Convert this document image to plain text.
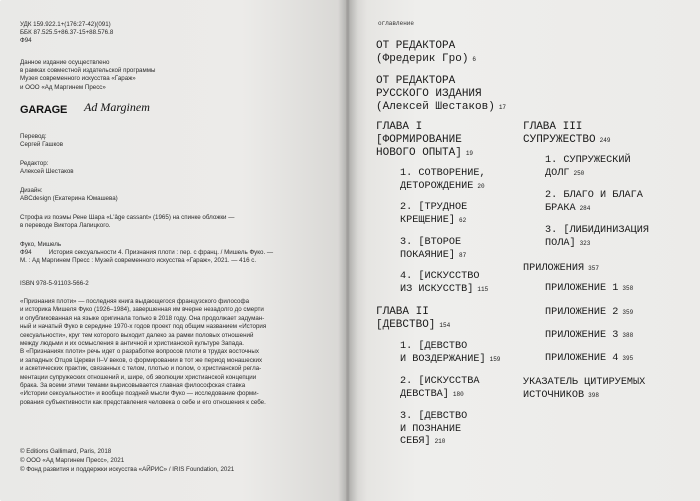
УДК 159.922.1+(176:27-42)(091)
ББК 87.525.5+86.37-15+88.576.8
Ф94
Данное издание осуществлено
в рамках совместной издательской программы
Музея современного искусства «Гараж»
и ООО «Ад Маргинем Пресс»
GARAGE Ad Marginem
Перевод:
Сергей Гашков
Редактор:
Алексей Шестаков
Дизайн:
ABCdesign (Екатерина Юмашева)
Строфа из поэмы Рене Шара «L'âge cassant» (1965) на спинке обложки —
в переводе Виктора Лапицкого.
Фуко, Мишель
Ф94          История сексуальности 4. Признания плоти : пер. с франц. / Мишель Фуко. —
М. : Ад Маргинем Пресс : Музей современного искусства «Гараж», 2021. — 416 с.
ISBN 978-5-91103-566-2
«Признания плоти» — последняя книга выдающегося французского философа
и историка Мишеля Фуко (1926–1984), завершенная им вчерне незадолго до смерти
и опубликованная на языке оригинала только в 2018 году. Она продолжает задуман-
ный и начатый Фуко в середине 1970-х годов проект под общим названием «История
сексуальности», круг тем которого выходит далеко за рамки половых отношений
между людьми и их осмысления в античной и христианской культуре Запада.
В «Признаниях плоти» речь идет о разработке вопросов плоти в трудах восточных
и западных Отцов Церкви II–V веков, о формировании в тот же период монашеских
и аскетических практик, связанных с телом, плотью и полом, о христианской регла-
ментации супружеских отношений и, шире, об эволюции христианской концепции
брака. За всеми этими темами вырисовывается главная философская ставка
«Истории сексуальности» и вообще поздней мысли Фуко — исследование форми-
рования субъективности как представления человека о себе и его отношения к себе.
© Editions Gallimard, Paris, 2018
© ООО «Ад Маргинем Пресс», 2021
© Фонд развития и поддержки искусства «АЙРИС» / IRIS Foundation, 2021
оглавление
ОТ РЕДАКТОРА
(Фредерик Гро) 6
ОТ РЕДАКТОРА
РУССКОГО ИЗДАНИЯ
(Алексей Шестаков) 17
ГЛАВА I
[ФОРМИРОВАНИЕ
НОВОГО ОПЫТА] 19
1. СОТВОРЕНИЕ,
ДЕТОРОЖДЕНИЕ 20
2. [ТРУДНОЕ
КРЕЩЕНИЕ] 62
3. [ВТОРОЕ
ПОКАЯНИЕ] 87
4. [ИСКУССТВО
ИЗ ИСКУССТВ] 115
ГЛАВА II
[ДЕВСТВО] 154
1. [ДЕВСТВО
И ВОЗДЕРЖАНИЕ] 159
2. [ИСКУССТВА
ДЕВСТВА] 180
3. [ДЕВСТВО
И ПОЗНАНИЕ
СЕБЯ] 210
ГЛАВА III
СУПРУЖЕСТВО 249
1. СУПРУЖЕСКИЙ
ДОЛГ 250
2. БЛАГО И БЛАГА
БРАКА 284
3. [ЛИБИДИНИЗАЦИЯ
ПОЛА] 323
ПРИЛОЖЕНИЯ 357
ПРИЛОЖЕНИЕ 1 358
ПРИЛОЖЕНИЕ 2 359
ПРИЛОЖЕНИЕ 3 388
ПРИЛОЖЕНИЕ 4 395
УКАЗАТЕЛЬ ЦИТИРУЕМЫХ
ИСТОЧНИКОВ 398
